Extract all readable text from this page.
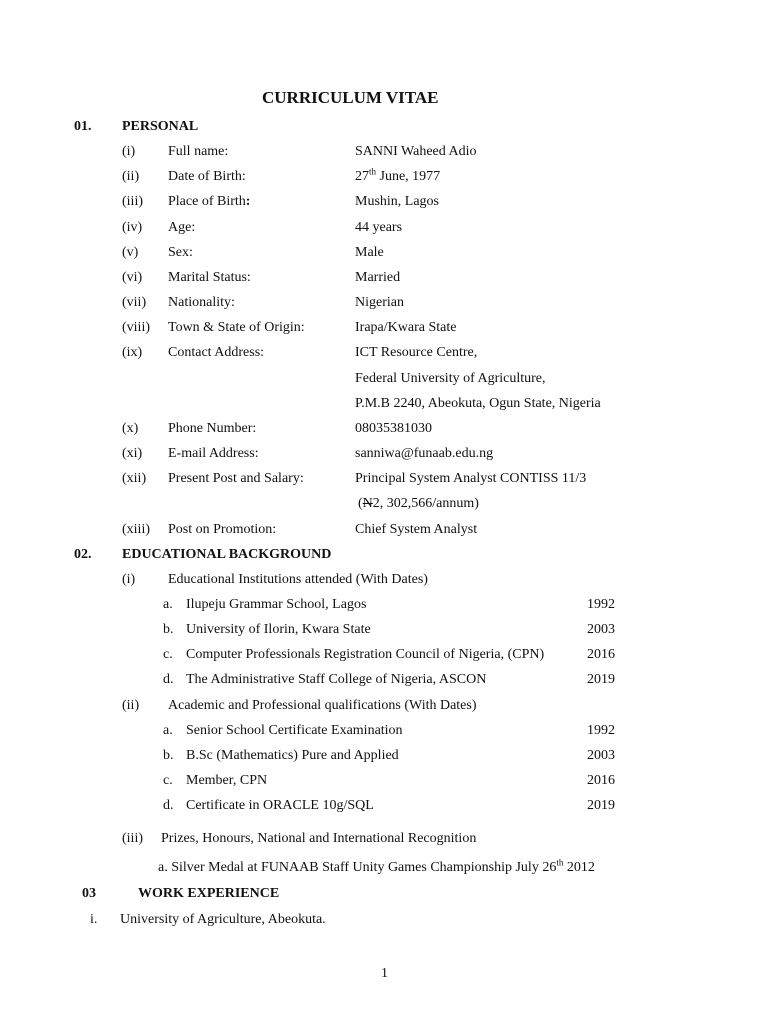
CURRICULUM VITAE
01. PERSONAL
(i) Full name:	SANNI Waheed Adio
(ii) Date of Birth:	27th June, 1977
(iii) Place of Birth:	Mushin, Lagos
(iv) Age:	44 years
(v) Sex:	Male
(vi) Marital Status:	Married
(vii) Nationality:	Nigerian
(viii) Town & State of Origin:	Irapa/Kwara State
(ix) Contact Address:	ICT Resource Centre,
Federal University of Agriculture,
P.M.B 2240, Abeokuta, Ogun State, Nigeria
(x) Phone Number:	08035381030
(xi) E-mail Address:	sanniwa@funaab.edu.ng
(xii) Present Post and Salary:	Principal System Analyst CONTISS 11/3
(N2, 302,566/annum)
(xiii) Post on Promotion:	Chief System Analyst
02. EDUCATIONAL BACKGROUND
(i) Educational Institutions attended (With Dates)
a. Ilupeju Grammar School, Lagos	1992
b. University of Ilorin, Kwara State	2003
c. Computer Professionals Registration Council of Nigeria, (CPN)	2016
d. The Administrative Staff College of Nigeria, ASCON	2019
(ii) Academic and Professional qualifications (With Dates)
a. Senior School Certificate Examination	1992
b. B.Sc (Mathematics) Pure and Applied	2003
c. Member, CPN	2016
d. Certificate in ORACLE 10g/SQL	2019
(iii) Prizes, Honours, National and International Recognition
a. Silver Medal at FUNAAB Staff Unity Games Championship July 26th 2012
03	WORK EXPERIENCE
i. University of Agriculture, Abeokuta.
1
